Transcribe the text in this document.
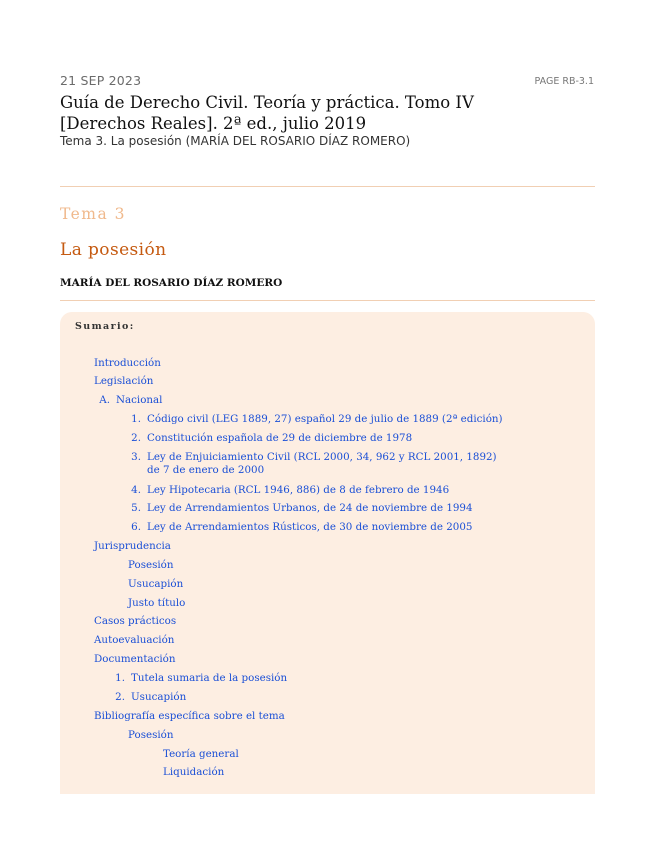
21 SEP 2023	PAGE RB-3.1
Guía de Derecho Civil. Teoría y práctica. Tomo IV [Derechos Reales]. 2ª ed., julio 2019
Tema 3. La posesión (MARÍA DEL ROSARIO DÍAZ ROMERO)
Tema 3
La posesión
MARÍA DEL ROSARIO DÍAZ ROMERO
Sumario:
Introducción
Legislación
A. Nacional
1. Código civil (LEG 1889, 27) español 29 de julio de 1889 (2ª edición)
2. Constitución española de 29 de diciembre de 1978
3. Ley de Enjuiciamiento Civil (RCL 2000, 34, 962 y RCL 2001, 1892) de 7 de enero de 2000
4. Ley Hipotecaria (RCL 1946, 886) de 8 de febrero de 1946
5. Ley de Arrendamientos Urbanos, de 24 de noviembre de 1994
6. Ley de Arrendamientos Rústicos, de 30 de noviembre de 2005
Jurisprudencia
Posesión
Usucapión
Justo título
Casos prácticos
Autoevaluación
Documentación
1. Tutela sumaria de la posesión
2. Usucapión
Bibliografía específica sobre el tema
Posesión
Teoría general
Liquidación
